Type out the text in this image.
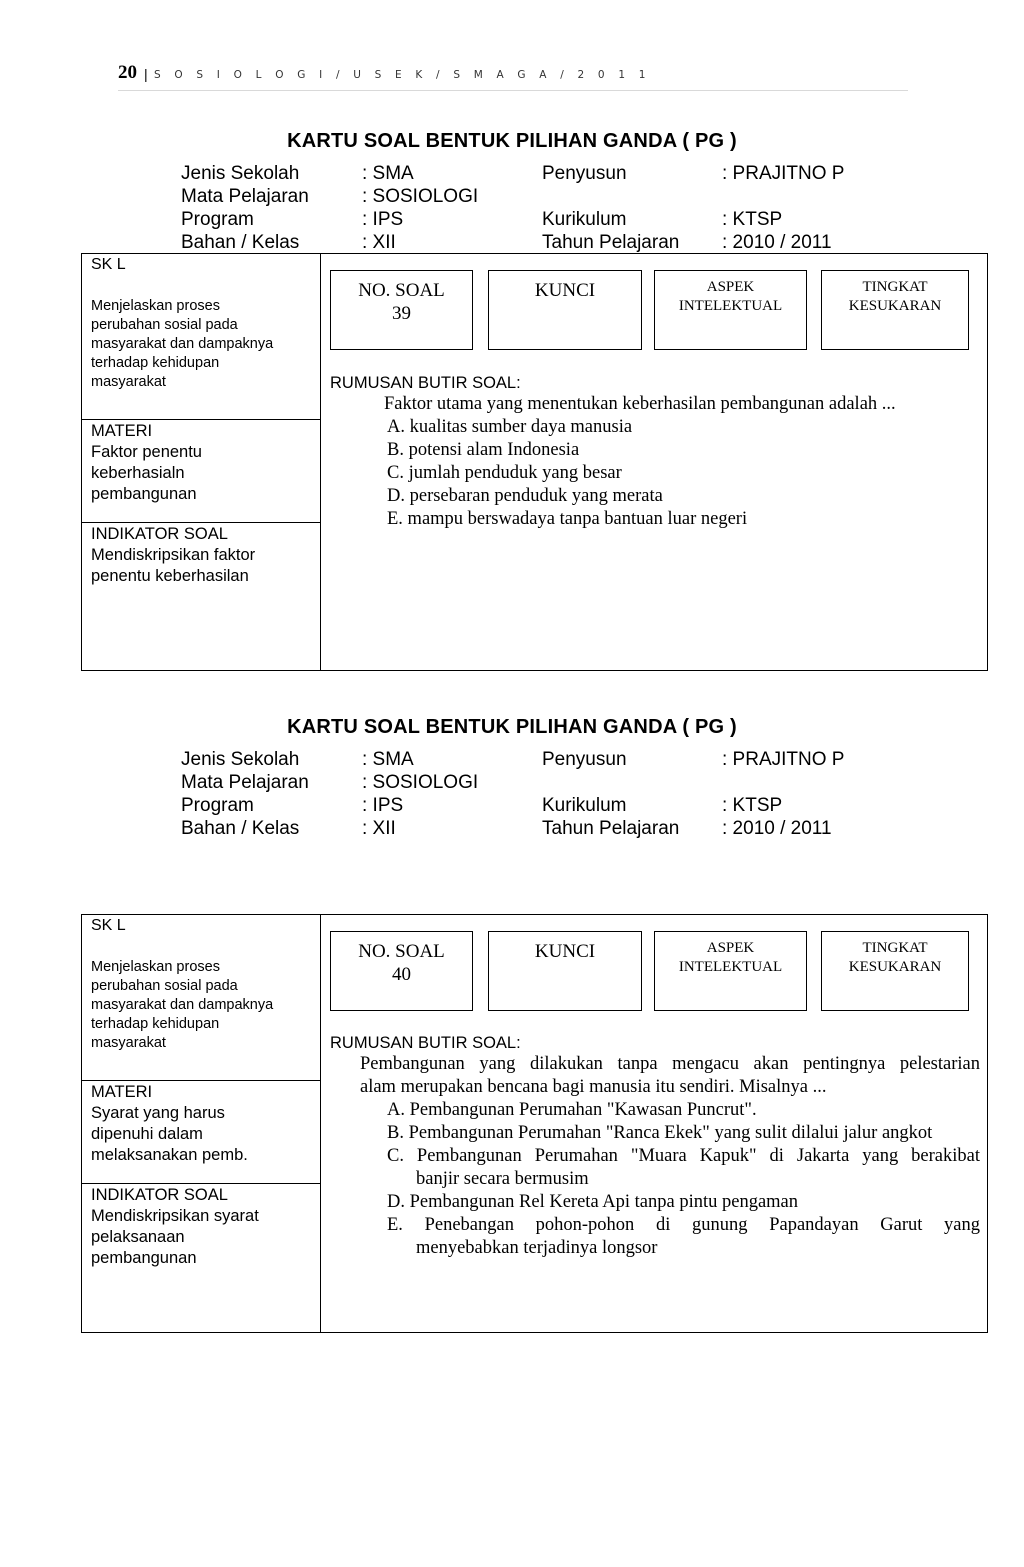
20 | S O S I O L O G I / U S E K / S M A G A / 2 0 1 1
KARTU SOAL BENTUK PILIHAN GANDA ( PG )
Jenis Sekolah	: SMA	Penyusun	: PRAJITNO P
Mata Pelajaran	: SOSIOLOGI
Program	: IPS	Kurikulum	: KTSP
Bahan / Kelas	: XII	Tahun Pelajaran : 2010 / 2011
SK L
Menjelaskan proses
perubahan sosial pada
masyarakat dan dampaknya
terhadap kehidupan
masyarakat
MATERI
Faktor penentu
keberhasialn
pembangunan
INDIKATOR SOAL
Mendiskripsikan faktor
penentu keberhasilan
NO. SOAL
39
KUNCI	ASPEK
INTELEKTUAL
TINGKAT
KESUKARAN
RUMUSAN BUTIR SOAL:
Faktor utama yang menentukan keberhasilan pembangunan adalah ...
A. kualitas sumber daya manusia
B. potensi alam Indonesia
C. jumlah penduduk yang besar
D. persebaran penduduk yang merata
E. mampu berswadaya tanpa bantuan luar negeri
KARTU SOAL BENTUK PILIHAN GANDA ( PG )
Jenis Sekolah	: SMA	Penyusun	: PRAJITNO P
Mata Pelajaran	: SOSIOLOGI
Program	: IPS	Kurikulum	: KTSP
Bahan / Kelas	: XII	Tahun Pelajaran : 2010 / 2011
SK L
Menjelaskan proses
perubahan sosial pada
masyarakat dan dampaknya
terhadap kehidupan
masyarakat
MATERI
Syarat yang harus
dipenuhi dalam
melaksanakan pemb.
INDIKATOR SOAL
Mendiskripsikan syarat
pelaksanaan
pembangunan
NO. SOAL
40
KUNCI	ASPEK
INTELEKTUAL
TINGKAT
KESUKARAN
RUMUSAN BUTIR SOAL:
Pembangunan yang dilakukan tanpa mengacu akan pentingnya pelestarian
alam merupakan bencana bagi manusia itu sendiri. Misalnya ...
A. Pembangunan Perumahan "Kawasan Puncrut".
B. Pembangunan Perumahan "Ranca Ekek" yang sulit dilalui jalur angkot
C. Pembangunan Perumahan "Muara Kapuk" di Jakarta yang berakibat
banjir secara bermusim
D. Pembangunan Rel Kereta Api tanpa pintu pengaman
E. Penebangan pohon-pohon di gunung Papandayan Garut yang
menyebabkan terjadinya longsor
